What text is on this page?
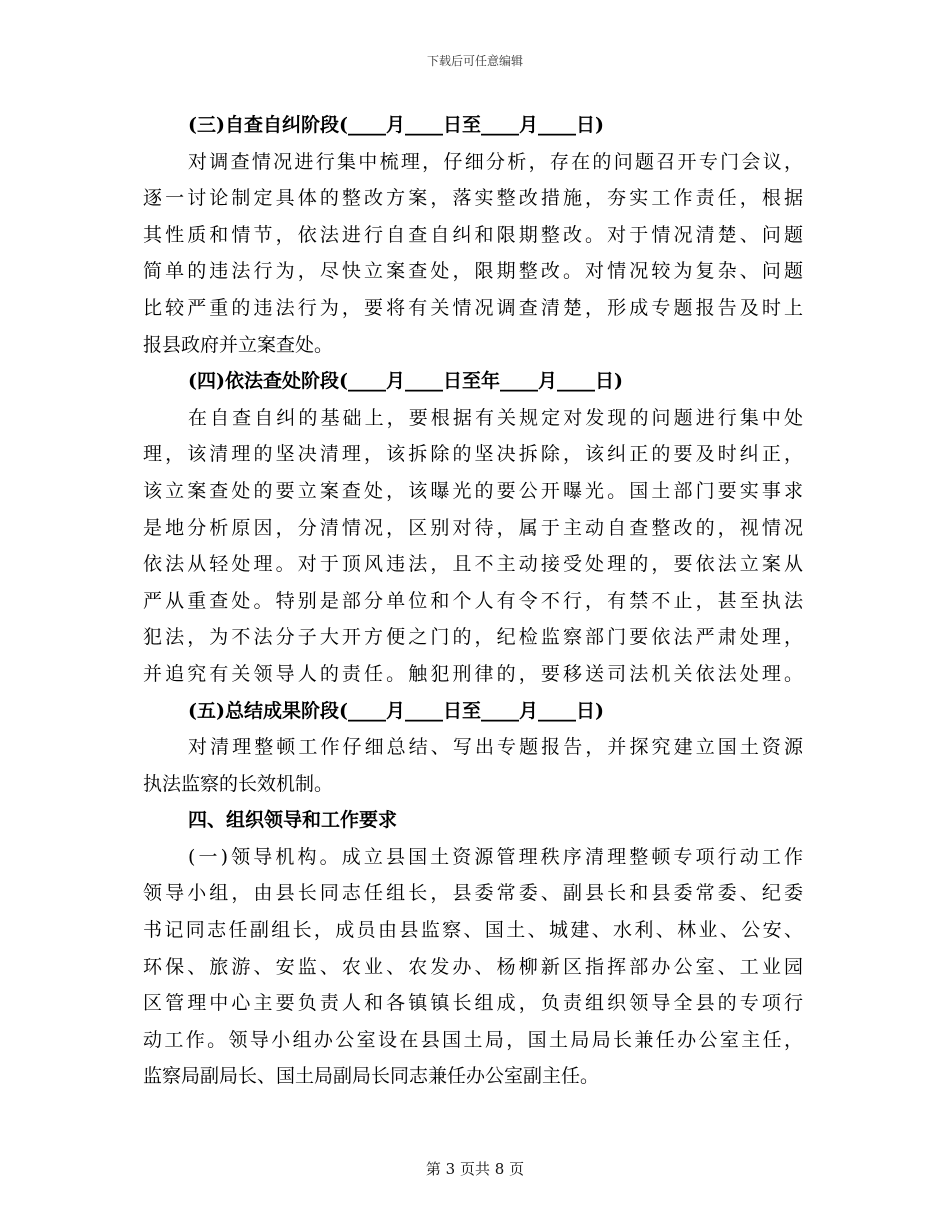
下载后可任意编辑
(三)自查自纠阶段(____月____日至____月____日)
对调查情况进行集中梳理，仔细分析，存在的问题召开专门会议，
逐一讨论制定具体的整改方案，落实整改措施，夯实工作责任，根据
其性质和情节，依法进行自查自纠和限期整改。对于情况清楚、问题
简单的违法行为，尽快立案查处，限期整改。对情况较为复杂、问题
比较严重的违法行为，要将有关情况调查清楚，形成专题报告及时上
报县政府并立案查处。
(四)依法查处阶段(____月____日至年____月____日)
在自查自纠的基础上，要根据有关规定对发现的问题进行集中处
理，该清理的坚决清理，该拆除的坚决拆除，该纠正的要及时纠正，
该立案查处的要立案查处，该曝光的要公开曝光。国土部门要实事求
是地分析原因，分清情况，区别对待，属于主动自查整改的，视情况
依法从轻处理。对于顶风违法，且不主动接受处理的，要依法立案从
严从重查处。特别是部分单位和个人有令不行，有禁不止，甚至执法
犯法，为不法分子大开方便之门的，纪检监察部门要依法严肃处理，
并追究有关领导人的责任。触犯刑律的，要移送司法机关依法处理。
(五)总结成果阶段(____月____日至____月____日)
对清理整顿工作仔细总结、写出专题报告，并探究建立国土资源
执法监察的长效机制。
四、组织领导和工作要求
(一)领导机构。成立县国土资源管理秩序清理整顿专项行动工作
领导小组，由县长同志任组长，县委常委、副县长和县委常委、纪委
书记同志任副组长，成员由县监察、国土、城建、水利、林业、公安、
环保、旅游、安监、农业、农发办、杨柳新区指挥部办公室、工业园
区管理中心主要负责人和各镇镇长组成，负责组织领导全县的专项行
动工作。领导小组办公室设在县国土局，国土局局长兼任办公室主任，
监察局副局长、国土局副局长同志兼任办公室副主任。
第 3 页共 8 页
